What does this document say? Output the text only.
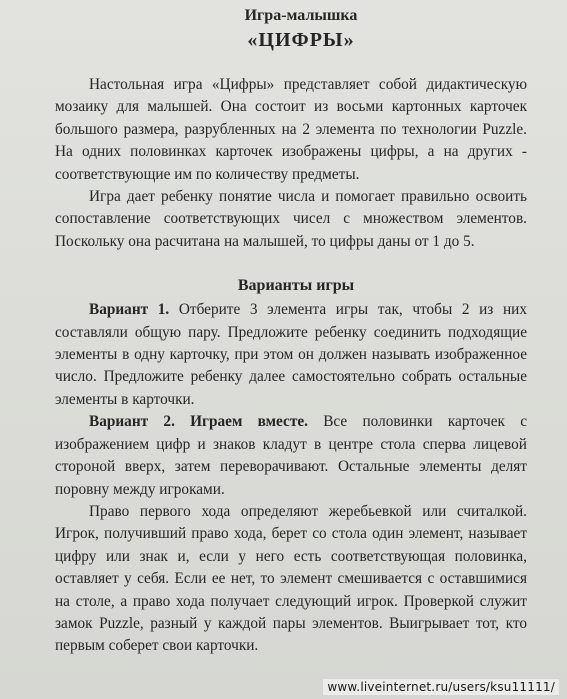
Игра-малышка
«ЦИФРЫ»

Настольная игра «Цифры» представляет собой дидактическую мозаику для малышей. Она состоит из восьми картонных карточек большого размера, разрубленных на 2 элемента по технологии Puzzle. На одних половинках карточек изображены цифры, а на других - соответствующие им по количеству предметы.

Игра дает ребенку понятие числа и помогает правильно освоить сопоставление соответствующих чисел с множеством элементов. Поскольку она расчитана на малышей, то цифры даны от 1 до 5.

Варианты игры

Вариант 1. Отберите 3 элемента игры так, чтобы 2 из них составляли общую пару. Предложите ребенку соединить подходящие элементы в одну карточку, при этом он должен называть изображенное число. Предложите ребенку далее самостоятельно собрать остальные элементы в карточки.

Вариант 2. Играем вместе. Все половинки карточек с изображением цифр и знаков кладут в центре стола сперва лицевой стороной вверх, затем переворачивают. Остальные элементы делят поровну между игроками.

Право первого хода определяют жеребьевкой или считалкой. Игрок, получивший право хода, берет со стола один элемент, называет цифру или знак и, если у него есть соответствующая половинка, оставляет у себя. Если ее нет, то элемент смешивается с оставшимися на столе, а право хода получает следующий игрок. Проверкой служит замок Puzzle, разный у каждой пары элементов. Выигрывает тот, кто первым соберет свои карточки.

www.liveinternet.ru/users/ksu11111/
